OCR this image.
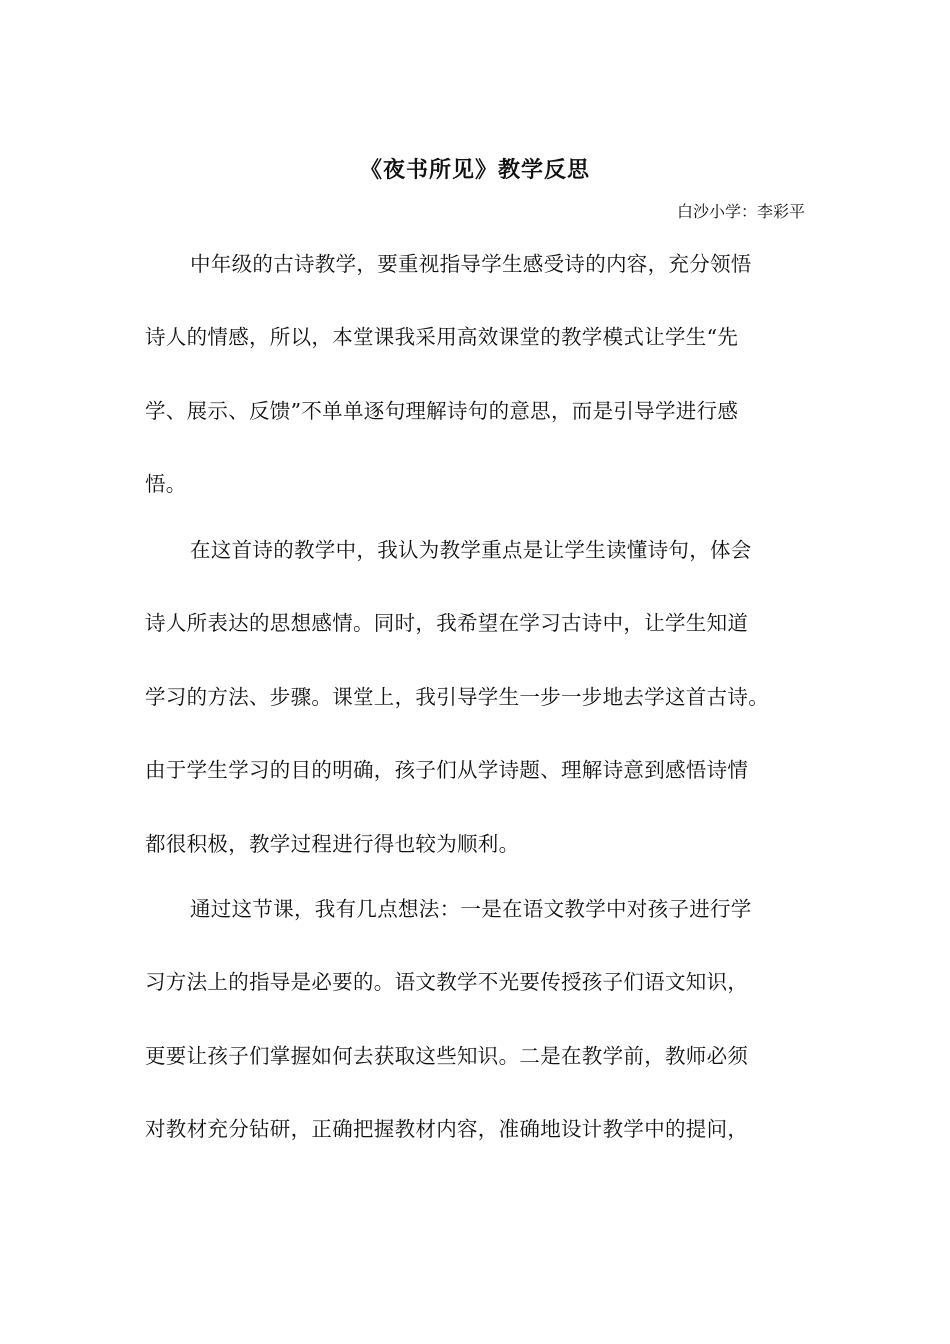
《夜书所见》教学反思
白沙小学：李彩平
中年级的古诗教学，要重视指导学生感受诗的内容，充分领悟
诗人的情感，所以，本堂课我采用高效课堂的教学模式让学生“先
学、展示、反馈”不单单逐句理解诗句的意思，而是引导学进行感
悟。
在这首诗的教学中，我认为教学重点是让学生读懂诗句，体会
诗人所表达的思想感情。同时，我希望在学习古诗中，让学生知道
学习的方法、步骤。课堂上，我引导学生一步一步地去学这首古诗。
由于学生学习的目的明确，孩子们从学诗题、理解诗意到感悟诗情
都很积极，教学过程进行得也较为顺利。
通过这节课，我有几点想法：一是在语文教学中对孩子进行学
习方法上的指导是必要的。语文教学不光要传授孩子们语文知识，
更要让孩子们掌握如何去获取这些知识。二是在教学前，教师必须
对教材充分钻研，正确把握教材内容，准确地设计教学中的提问，
